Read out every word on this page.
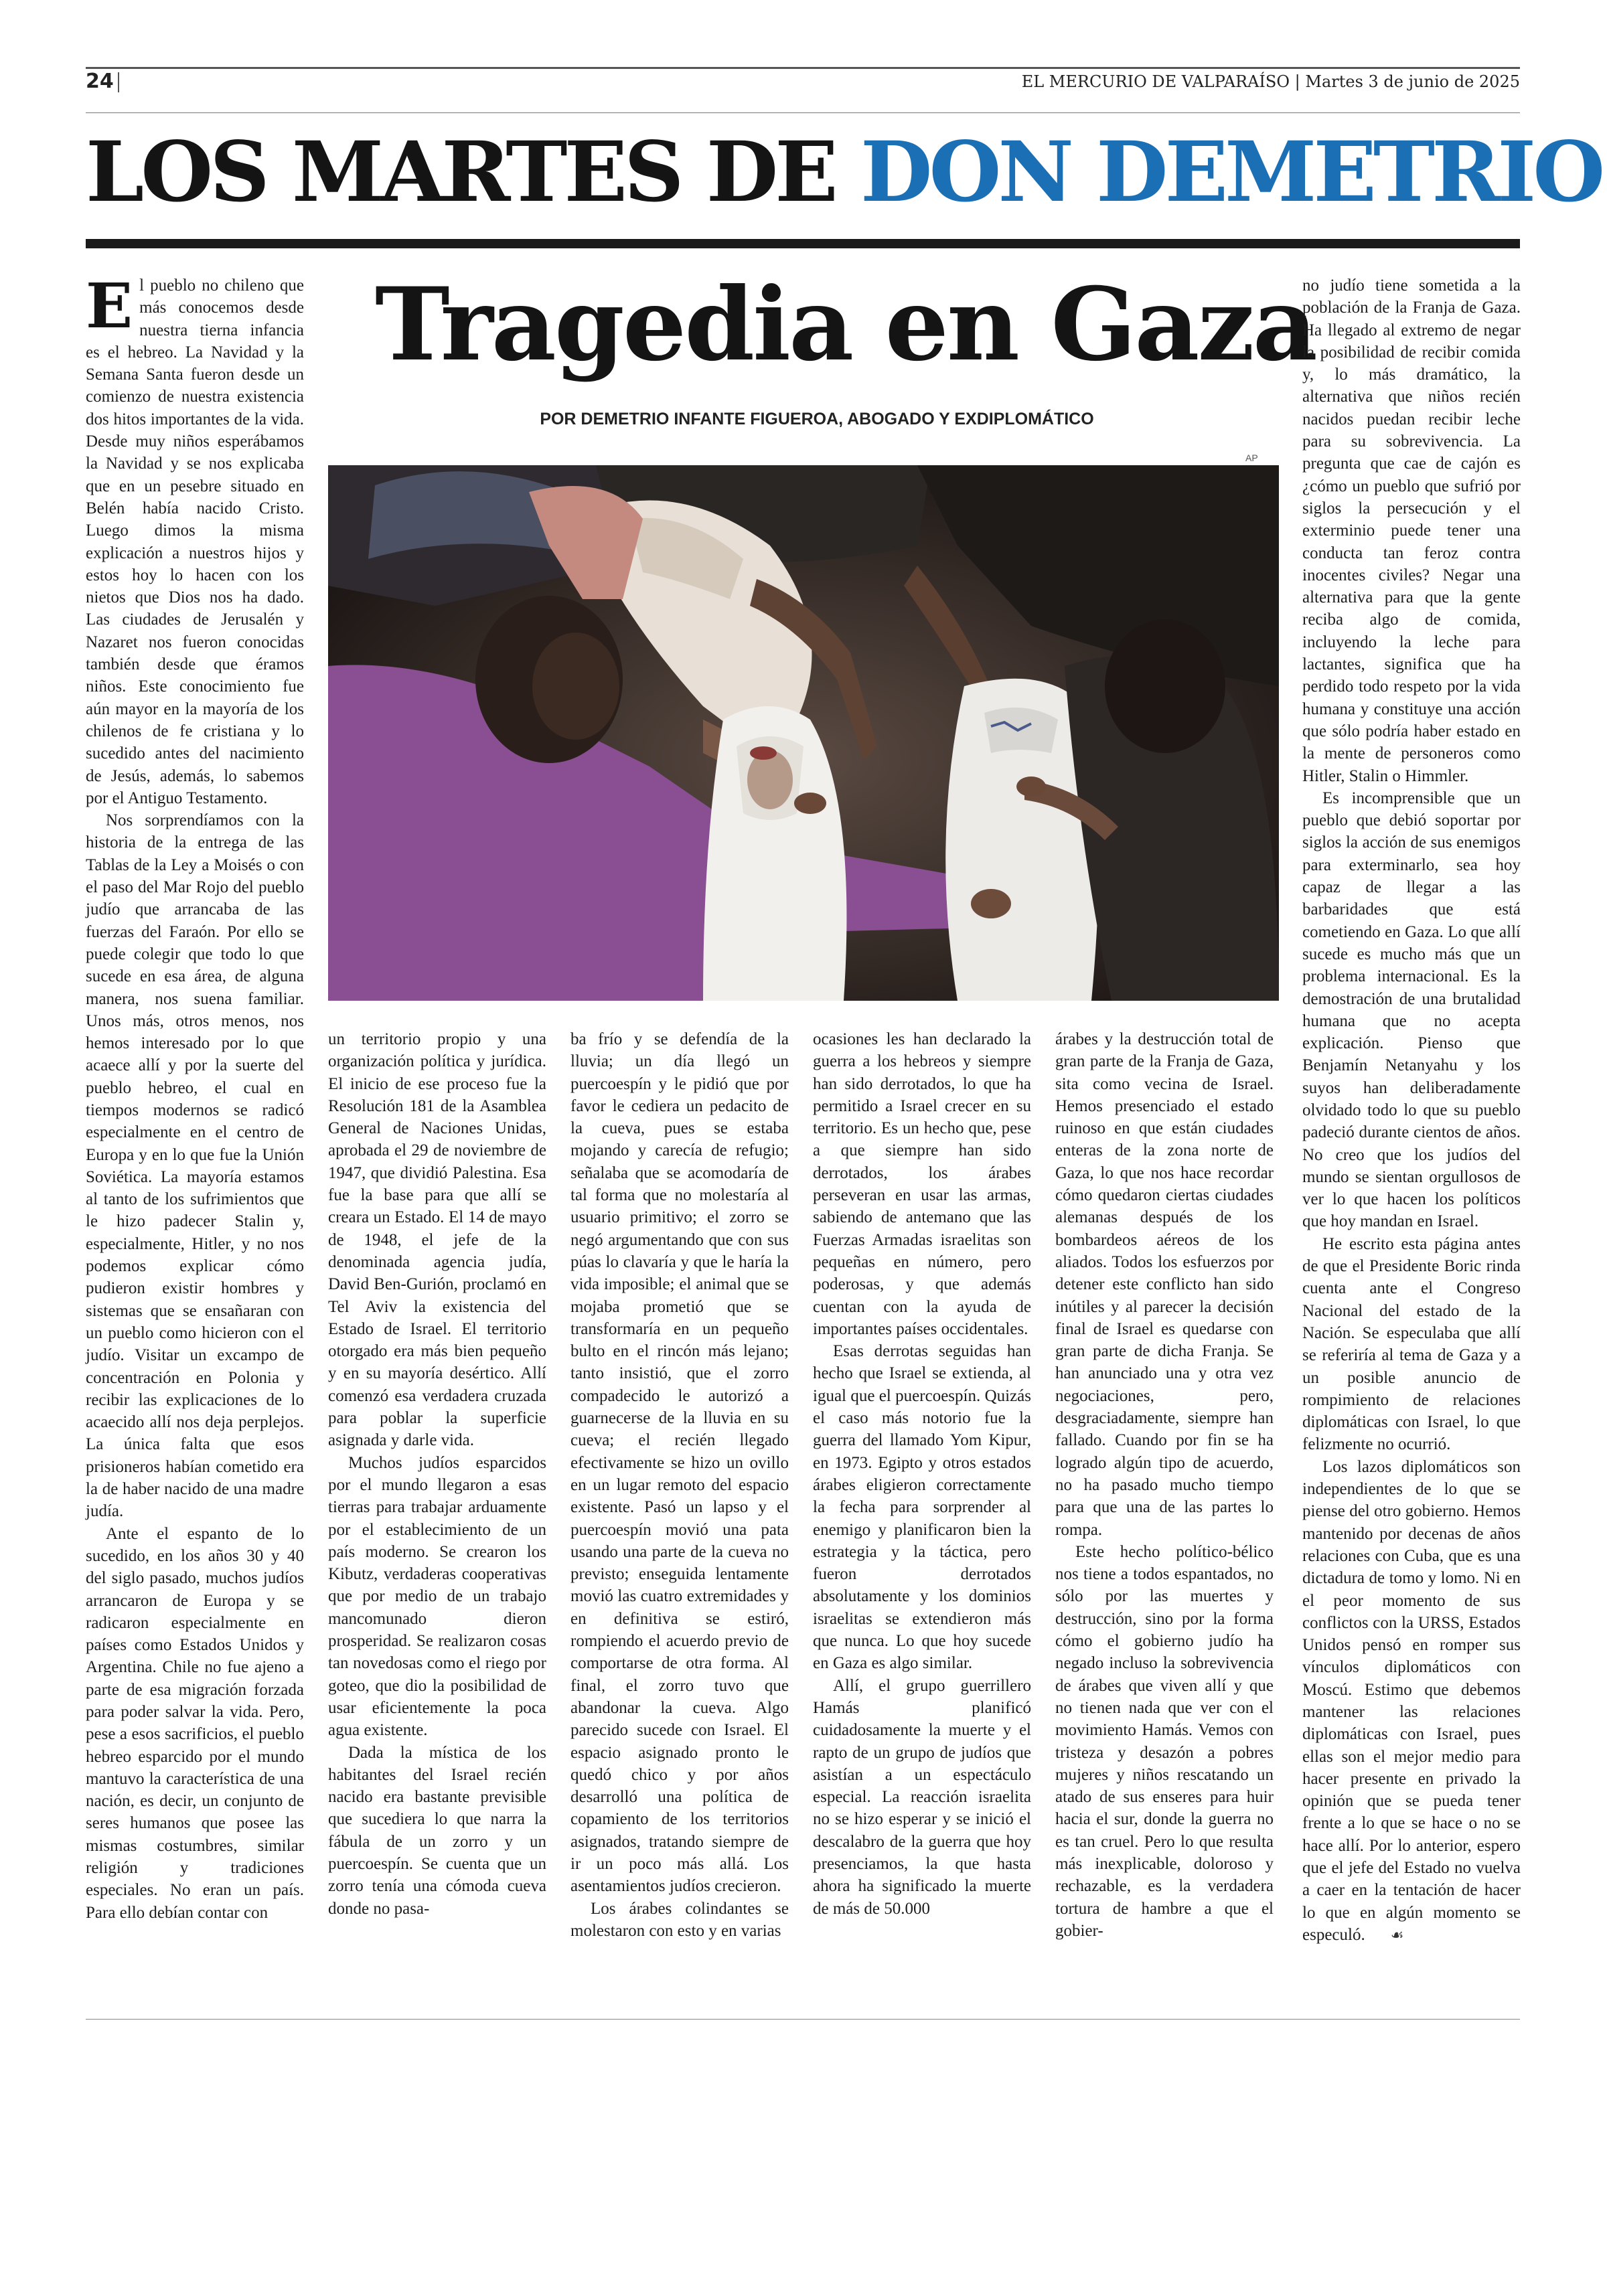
24	EL MERCURIO DE VALPARAÍSO | Martes 3 de junio de 2025
LOS MARTES DE DON DEMETRIO
Tragedia en Gaza
POR DEMETRIO INFANTE FIGUEROA, ABOGADO Y EXDIPLOMÁTICO
AP

El pueblo no chileno que más conocemos desde nuestra tierna infancia es el hebreo. La Navidad y la Semana Santa fueron desde un comienzo de nuestra existencia dos hitos importantes de la vida. Desde muy niños esperábamos la Navidad y se nos explicaba que en un pesebre situado en Belén había nacido Cristo. Luego dimos la misma explicación a nuestros hijos y estos hoy lo hacen con los nietos que Dios nos ha dado. Las ciudades de Jerusalén y Nazaret nos fueron conocidas también desde que éramos niños. Este conocimiento fue aún mayor en la mayoría de los chilenos de fe cristiana y lo sucedido antes del nacimiento de Jesús, además, lo sabemos por el Antiguo Testamento.

Nos sorprendíamos con la historia de la entrega de las Tablas de la Ley a Moisés o con el paso del Mar Rojo del pueblo judío que arrancaba de las fuerzas del Faraón. Por ello se puede colegir que todo lo que sucede en esa área, de alguna manera, nos suena familiar. Unos más, otros menos, nos hemos interesado por lo que acaece allí y por la suerte del pueblo hebreo, el cual en tiempos modernos se radicó especialmente en el centro de Europa y en lo que fue la Unión Soviética. La mayoría estamos al tanto de los sufrimientos que le hizo padecer Stalin y, especialmente, Hitler, y no nos podemos explicar cómo pudieron existir hombres y sistemas que se ensañaran con un pueblo como hicieron con el judío. Visitar un excampo de concentración en Polonia y recibir las explicaciones de lo acaecido allí nos deja perplejos. La única falta que esos prisioneros habían cometido era la de haber nacido de una madre judía.

Ante el espanto de lo sucedido, en los años 30 y 40 del siglo pasado, muchos judíos arrancaron de Europa y se radicaron especialmente en países como Estados Unidos y Argentina. Chile no fue ajeno a parte de esa migración forzada para poder salvar la vida. Pero, pese a esos sacrificios, el pueblo hebreo esparcido por el mundo mantuvo la característica de una nación, es decir, un conjunto de seres humanos que posee las mismas costumbres, similar religión y tradiciones especiales. No eran un país. Para ello debían contar con

un territorio propio y una organización política y jurídica. El inicio de ese proceso fue la Resolución 181 de la Asamblea General de Naciones Unidas, aprobada el 29 de noviembre de 1947, que dividió Palestina. Esa fue la base para que allí se creara un Estado. El 14 de mayo de 1948, el jefe de la denominada agencia judía, David Ben-Gurión, proclamó en Tel Aviv la existencia del Estado de Israel. El territorio otorgado era más bien pequeño y en su mayoría desértico. Allí comenzó esa verdadera cruzada para poblar la superficie asignada y darle vida.

Muchos judíos esparcidos por el mundo llegaron a esas tierras para trabajar arduamente por el establecimiento de un país moderno. Se crearon los Kibutz, verdaderas cooperativas que por medio de un trabajo mancomunado dieron prosperidad. Se realizaron cosas tan novedosas como el riego por goteo, que dio la posibilidad de usar eficientemente la poca agua existente.

Dada la mística de los habitantes del Israel recién nacido era bastante previsible que sucediera lo que narra la fábula de un zorro y un puercoespín. Se cuenta que un zorro tenía una cómoda cueva donde no pasa-

ba frío y se defendía de la lluvia; un día llegó un puercoespín y le pidió que por favor le cediera un pedacito de la cueva, pues se estaba mojando y carecía de refugio; señalaba que se acomodaría de tal forma que no molestaría al usuario primitivo; el zorro se negó argumentando que con sus púas lo clavaría y que le haría la vida imposible; el animal que se mojaba prometió que se transformaría en un pequeño bulto en el rincón más lejano; tanto insistió, que el zorro compadecido le autorizó a guarnecerse de la lluvia en su cueva; el recién llegado efectivamente se hizo un ovillo en un lugar remoto del espacio existente. Pasó un lapso y el puercoespín movió una pata usando una parte de la cueva no previsto; enseguida lentamente movió las cuatro extremidades y en definitiva se estiró, rompiendo el acuerdo previo de comportarse de otra forma. Al final, el zorro tuvo que abandonar la cueva. Algo parecido sucede con Israel. El espacio asignado pronto le quedó chico y por años desarrolló una política de copamiento de los territorios asignados, tratando siempre de ir un poco más allá. Los asentamientos judíos crecieron.

Los árabes colindantes se molestaron con esto y en varias

ocasiones les han declarado la guerra a los hebreos y siempre han sido derrotados, lo que ha permitido a Israel crecer en su territorio. Es un hecho que, pese a que siempre han sido derrotados, los árabes perseveran en usar las armas, sabiendo de antemano que las Fuerzas Armadas israelitas son pequeñas en número, pero poderosas, y que además cuentan con la ayuda de importantes países occidentales.

Esas derrotas seguidas han hecho que Israel se extienda, al igual que el puercoespín. Quizás el caso más notorio fue la guerra del llamado Yom Kipur, en 1973. Egipto y otros estados árabes eligieron correctamente la fecha para sorprender al enemigo y planificaron bien la estrategia y la táctica, pero fueron derrotados absolutamente y los dominios israelitas se extendieron más que nunca. Lo que hoy sucede en Gaza es algo similar.

Allí, el grupo guerrillero Hamás planificó cuidadosamente la muerte y el rapto de un grupo de judíos que asistían a un espectáculo especial. La reacción israelita no se hizo esperar y se inició el descalabro de la guerra que hoy presenciamos, la que hasta ahora ha significado la muerte de más de 50.000

árabes y la destrucción total de gran parte de la Franja de Gaza, sita como vecina de Israel. Hemos presenciado el estado ruinoso en que están ciudades enteras de la zona norte de Gaza, lo que nos hace recordar cómo quedaron ciertas ciudades alemanas después de los bombardeos aéreos de los aliados. Todos los esfuerzos por detener este conflicto han sido inútiles y al parecer la decisión final de Israel es quedarse con gran parte de dicha Franja. Se han anunciado una y otra vez negociaciones, pero, desgraciadamente, siempre han fallado. Cuando por fin se ha logrado algún tipo de acuerdo, no ha pasado mucho tiempo para que una de las partes lo rompa.

Este hecho político-bélico nos tiene a todos espantados, no sólo por las muertes y destrucción, sino por la forma cómo el gobierno judío ha negado incluso la sobrevivencia de árabes que viven allí y que no tienen nada que ver con el movimiento Hamás. Vemos con tristeza y desazón a pobres mujeres y niños rescatando un atado de sus enseres para huir hacia el sur, donde la guerra no es tan cruel. Pero lo que resulta más inexplicable, doloroso y rechazable, es la verdadera tortura de hambre a que el gobier-

no judío tiene sometida a la población de la Franja de Gaza. Ha llegado al extremo de negar la posibilidad de recibir comida y, lo más dramático, la alternativa que niños recién nacidos puedan recibir leche para su sobrevivencia. La pregunta que cae de cajón es ¿cómo un pueblo que sufrió por siglos la persecución y el exterminio puede tener una conducta tan feroz contra inocentes civiles? Negar una alternativa para que la gente reciba algo de comida, incluyendo la leche para lactantes, significa que ha perdido todo respeto por la vida humana y constituye una acción que sólo podría haber estado en la mente de personeros como Hitler, Stalin o Himmler.

Es incomprensible que un pueblo que debió soportar por siglos la acción de sus enemigos para exterminarlo, sea hoy capaz de llegar a las barbaridades que está cometiendo en Gaza. Lo que allí sucede es mucho más que un problema internacional. Es la demostración de una brutalidad humana que no acepta explicación. Pienso que Benjamín Netanyahu y los suyos han deliberadamente olvidado todo lo que su pueblo padeció durante cientos de años. No creo que los judíos del mundo se sientan orgullosos de ver lo que hacen los políticos que hoy mandan en Israel.

He escrito esta página antes de que el Presidente Boric rinda cuenta ante el Congreso Nacional del estado de la Nación. Se especulaba que allí se referiría al tema de Gaza y a un posible anuncio de rompimiento de relaciones diplomáticas con Israel, lo que felizmente no ocurrió.

Los lazos diplomáticos son independientes de lo que se piense del otro gobierno. Hemos mantenido por decenas de años relaciones con Cuba, que es una dictadura de tomo y lomo. Ni en el peor momento de sus conflictos con la URSS, Estados Unidos pensó en romper sus vínculos diplomáticos con Moscú. Estimo que debemos mantener las relaciones diplomáticas con Israel, pues ellas son el mejor medio para hacer presente en privado la opinión que se pueda tener frente a lo que se hace o no se hace allí. Por lo anterior, espero que el jefe del Estado no vuelva a caer en la tentación de hacer lo que en algún momento se especuló. ☙
